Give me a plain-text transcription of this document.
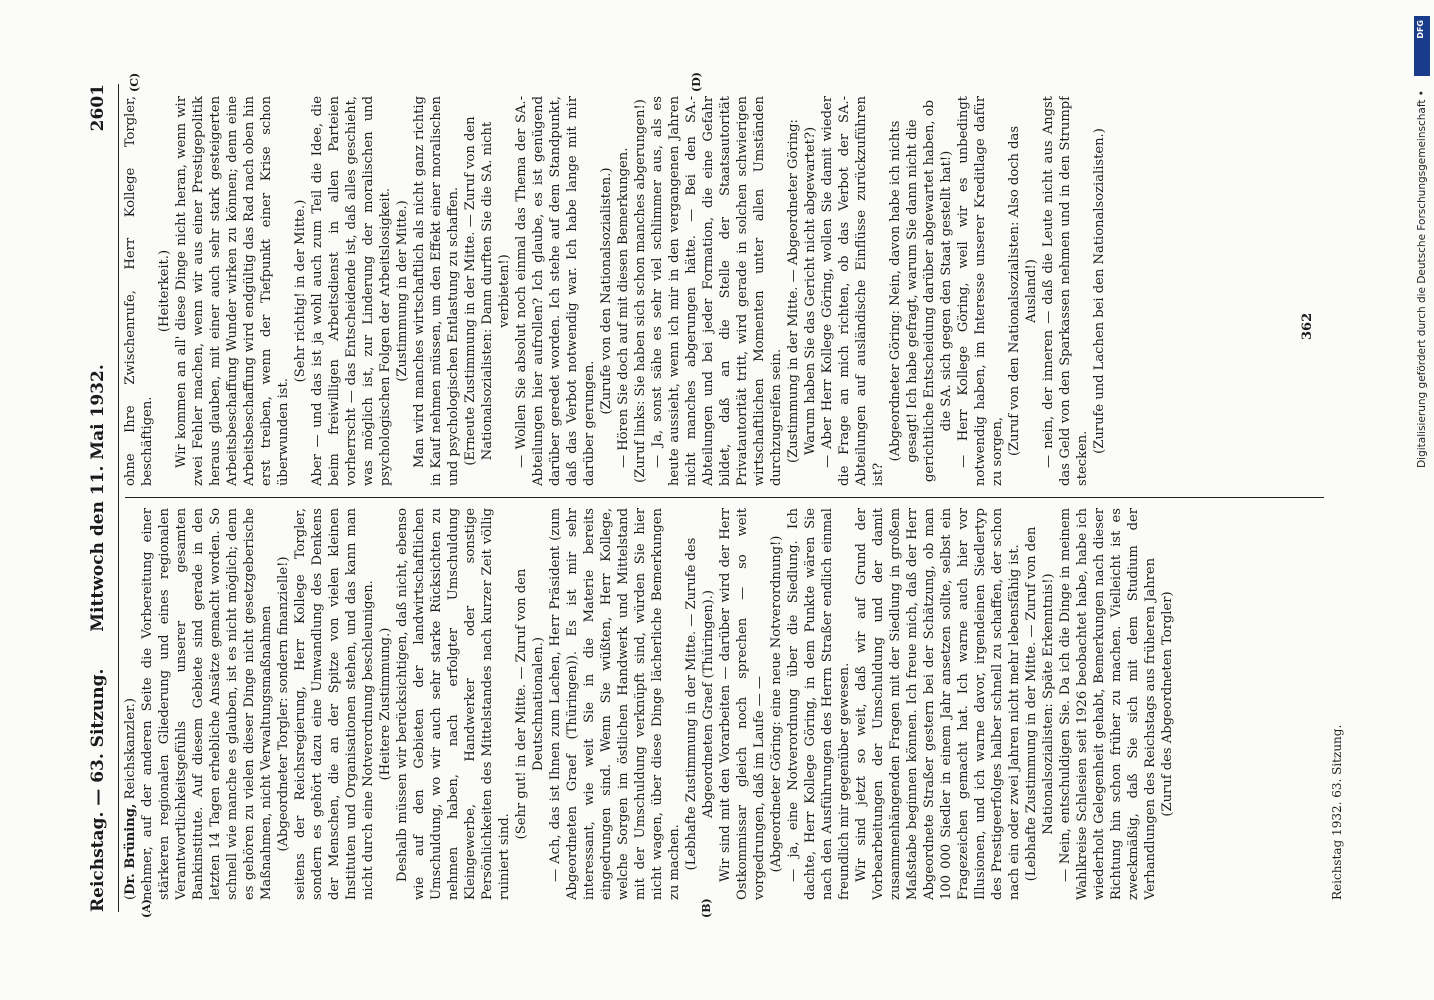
Reichstag. — 63. Sitzung.
Mittwoch den 11. Mai 1932.
2601
(A)	(B)
(C)	(D)

(Dr. Brüning, Reichskanzler.) nehmer, auf der anderen Seite die Vorbereitung einer stärkeren regionalen Gliederung und eines regionalen Verantwortlichkeitsgefühls unserer gesamten Bankinstitute. Auf diesem Gebiete sind gerade in den letzten 14 Tagen erhebliche Ansätze gemacht worden. So schnell wie manche es glauben, ist es nicht möglich; denn es gehören zu vielen dieser Dinge nicht gesetzgeberische Maßnahmen, nicht Verwaltungsmaßnahmen (Abgeordneter Torgler: sondern finanzielle!) seitens der Reichsregierung, Herr Kollege Torgler, sondern es gehört dazu eine Umwandlung des Denkens der Menschen, die an der Spitze von vielen kleinen Instituten und Organisationen stehen, und das kann man nicht durch eine Notverordnung beschleunigen. (Heitere Zustimmung.) Deshalb müssen wir berücksichtigen, daß nicht, ebenso wie auf den Gebieten der landwirtschaftlichen Umschuldung, wo wir auch sehr starke Rücksichten zu nehmen haben, nach erfolgter Umschuldung Kleingewerbe, Handwerker oder sonstige Persönlichkeiten des Mittelstandes nach kurzer Zeit völlig ruiniert sind.

(Sehr gut! in der Mitte. — Zuruf von den Deutschnationalen.) — Ach, das ist Ihnen zum Lachen, Herr Präsident (zum Abgeordneten Graef (Thüringen)). Es ist mir sehr interessant, wie weit Sie in die Materie bereits eingedrungen sind. Wenn Sie wüßten, Herr Kollege, welche Sorgen im östlichen Handwerk und Mittelstand mit der Umschuldung verknüpft sind, würden Sie hier nicht wagen, über diese Dinge lächerliche Bemerkungen zu machen. (Lebhafte Zustimmung in der Mitte. — Zurufe des Abgeordneten Graef (Thüringen).) Wir sind mit den Vorarbeiten — darüber wird der Herr Ostkommissar gleich noch sprechen — so weit vorgedrungen, daß im Laufe — — (Abgeordneter Göring: eine neue Notverordnung!) — ja, eine Notverordnung über die Siedlung. Ich dachte, Herr Kollege Göring, in dem Punkte wären Sie nach den Ausführungen des Herrn Straßer endlich einmal freundlich mir gegenüber gewesen. Wir sind jetzt so weit, daß wir auf Grund der Vorbearbeitungen der Umschuldung und der damit zusammenhängenden Fragen mit der Siedlung in großem Maßstabe beginnen können. Ich freue mich, daß der Herr Abgeordnete Straßer gestern bei der Schätzung, ob man 100 000 Siedler in einem Jahr ansetzen sollte, selbst ein Fragezeichen gemacht hat. Ich warne auch hier vor Illusionen, und ich warne davor, irgendeinen Siedlertyp des Prestigeerfolges halber schnell zu schaffen, der schon nach ein oder zwei Jahren nicht mehr lebensfähig ist. (Lebhafte Zustimmung in der Mitte. — Zuruf von den Nationalsozialisten: Späte Erkenntnis!) — Nein, entschuldigen Sie. Da ich die Dinge in meinem Wahlkreise Schlesien seit 1926 beobachtet habe, habe ich wiederholt Gelegenheit gehabt, Bemerkungen nach dieser Richtung hin schon früher zu machen. Vielleicht ist es zweckmäßig, daß Sie sich mit dem Studium der Verhandlungen des Reichstags aus früheren Jahren (Zuruf des Abgeordneten Torgler)

ohne Ihre Zwischenrufe, Herr Kollege Torgler, beschäftigen.

(Heiterkeit.) Wir kommen an all' diese Dinge nicht heran, wenn wir zwei Fehler machen, wenn wir aus einer Prestigepolitik heraus glauben, mit einer auch sehr stark gesteigerten Arbeitsbeschaffung Wunder wirken zu können; denn eine Arbeitsbeschaffung wird endgültig das Rad nach oben hin erst treiben, wenn der Tiefpunkt einer Krise schon überwunden ist.

(Sehr richtig! in der Mitte.) Aber — und das ist ja wohl auch zum Teil die Idee, die beim freiwilligen Arbeitsdienst in allen Parteien vorherrscht — das Entscheidende ist, daß alles geschieht, was möglich ist, zur Linderung der moralischen und psychologischen Folgen der Arbeitslosigkeit. (Zustimmung in der Mitte.) Man wird manches wirtschaftlich als nicht ganz richtig in Kauf nehmen müssen, um den Effekt einer moralischen und psychologischen Entlastung zu schaffen. (Erneute Zustimmung in der Mitte. — Zuruf von den Nationalsozialisten: Dann durften Sie die SA. nicht verbieten!) — Wollen Sie absolut noch einmal das Thema der SA.-Abteilungen hier aufrollen? Ich glaube, es ist genügend darüber geredet worden. Ich stehe auf dem Standpunkt, daß das Verbot notwendig war. Ich habe lange mit mir darüber gerungen.

(Zurufe von den Nationalsozialisten.) — Hören Sie doch auf mit diesen Bemerkungen. (Zuruf links: Sie haben sich schon manches abgerungen!) — Ja, sonst sähe es sehr viel schlimmer aus, als es heute aussieht, wenn ich mir in den vergangenen Jahren nicht manches abgerungen hätte. — Bei den SA.-Abteilungen und bei jeder Formation, die eine Gefahr bildet, daß an die Stelle der Staatsautorität Privatautorität tritt, wird gerade in solchen schwierigen wirtschaftlichen Momenten unter allen Umständen durchzugreifen sein. (Zustimmung in der Mitte. — Abgeordneter Göring: Warum haben Sie das Gericht nicht abgewartet?) — Aber Herr Kollege Göring, wollen Sie damit wieder die Frage an mich richten, ob das Verbot der SA.-Abteilungen auf ausländische Einflüsse zurückzuführen ist?

(Abgeordneter Göring: Nein, davon habe ich nichts gesagt! Ich habe gefragt, warum Sie dann nicht die gerichtliche Entscheidung darüber abgewartet haben, ob die SA. sich gegen den Staat gestellt hat!) — Herr Kollege Göring, weil wir es unbedingt notwendig haben, im Interesse unserer Kreditlage dafür zu sorgen, (Zuruf von den Nationalsozialisten: Also doch das Ausland!) — nein, der inneren — daß die Leute nicht aus Angst das Geld von den Sparkassen nehmen und in den Strumpf stecken.

(Zurufe und Lachen bei den Nationalsozialisten.)	362
Reichstag 1932. 63. Sitzung.
DFG
Digitalisierung gefördert durch die Deutsche Forschungsgemeinschaft •
